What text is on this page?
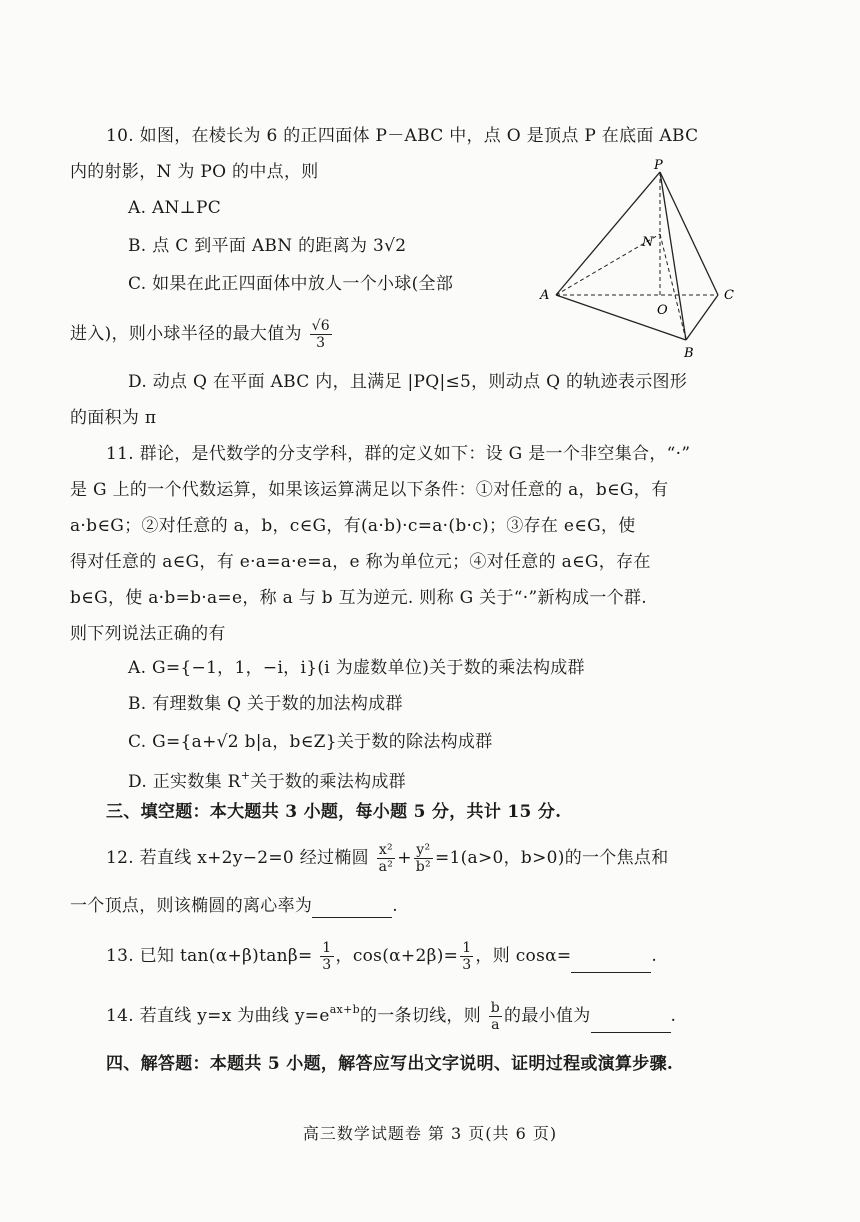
10. 如图，在棱长为 6 的正四面体 P－ABC 中，点 O 是顶点 P 在底面 ABC
内的射影，N 为 PO 的中点，则
A. AN⊥PC
B. 点 C 到平面 ABN 的距离为 3√2
C. 如果在此正四面体中放人一个小球(全部
进入)，则小球半径的最大值为 $\frac{√6}{3}$
D. 动点 Q 在平面 ABC 内，且满足 |PQ|≤5，则动点 Q 的轨迹表示图形
的面积为 π
P
N
A	C
O
B
11. 群论，是代数学的分支学科，群的定义如下：设 G 是一个非空集合，“·”
是 G 上的一个代数运算，如果该运算满足以下条件：①对任意的 a，b∈G，有
a·b∈G；②对任意的 a，b，c∈G，有(a·b)·c=a·(b·c)；③存在 e∈G，使
得对任意的 a∈G，有 e·a=a·e=a，e 称为单位元；④对任意的 a∈G，存在
b∈G，使 a·b=b·a=e，称 a 与 b 互为逆元. 则称 G 关于“·”新构成一个群.
则下列说法正确的有
A. G={−1，1，−i，i}(i 为虚数单位)关于数的乘法构成群
B. 有理数集 Q 关于数的加法构成群
C. G={a+√2 b|a，b∈Z}关于数的除法构成群
D. 正实数集 R+关于数的乘法构成群
三、填空题：本大题共 3 小题，每小题 5 分，共计 15 分.
12. 若直线 x+2y−2=0 经过椭圆 $\frac{\text{x²}}{\text{a²}} + \frac{\text{y²}}{\text{b²}} =1(a>0$，b>0)的一个焦点和
一个顶点，则该椭圆的离心率为	.
13. 已知 $\tan(\alpha+\beta)\tan\beta= \frac{1}{3}$ ，$\cos(\alpha+2\beta)= \frac{1}{3}$ ，则 cosα=	.
14. 若直线 y=x 为曲线 $y=e^{ax+b}$的一条切线，则 $\frac{b}{a}$ 的最小值为	.
四、解答题：本题共 5 小题，解答应写出文字说明、证明过程或演算步骤.
高三数学试题卷 第 3 页(共 6 页)
